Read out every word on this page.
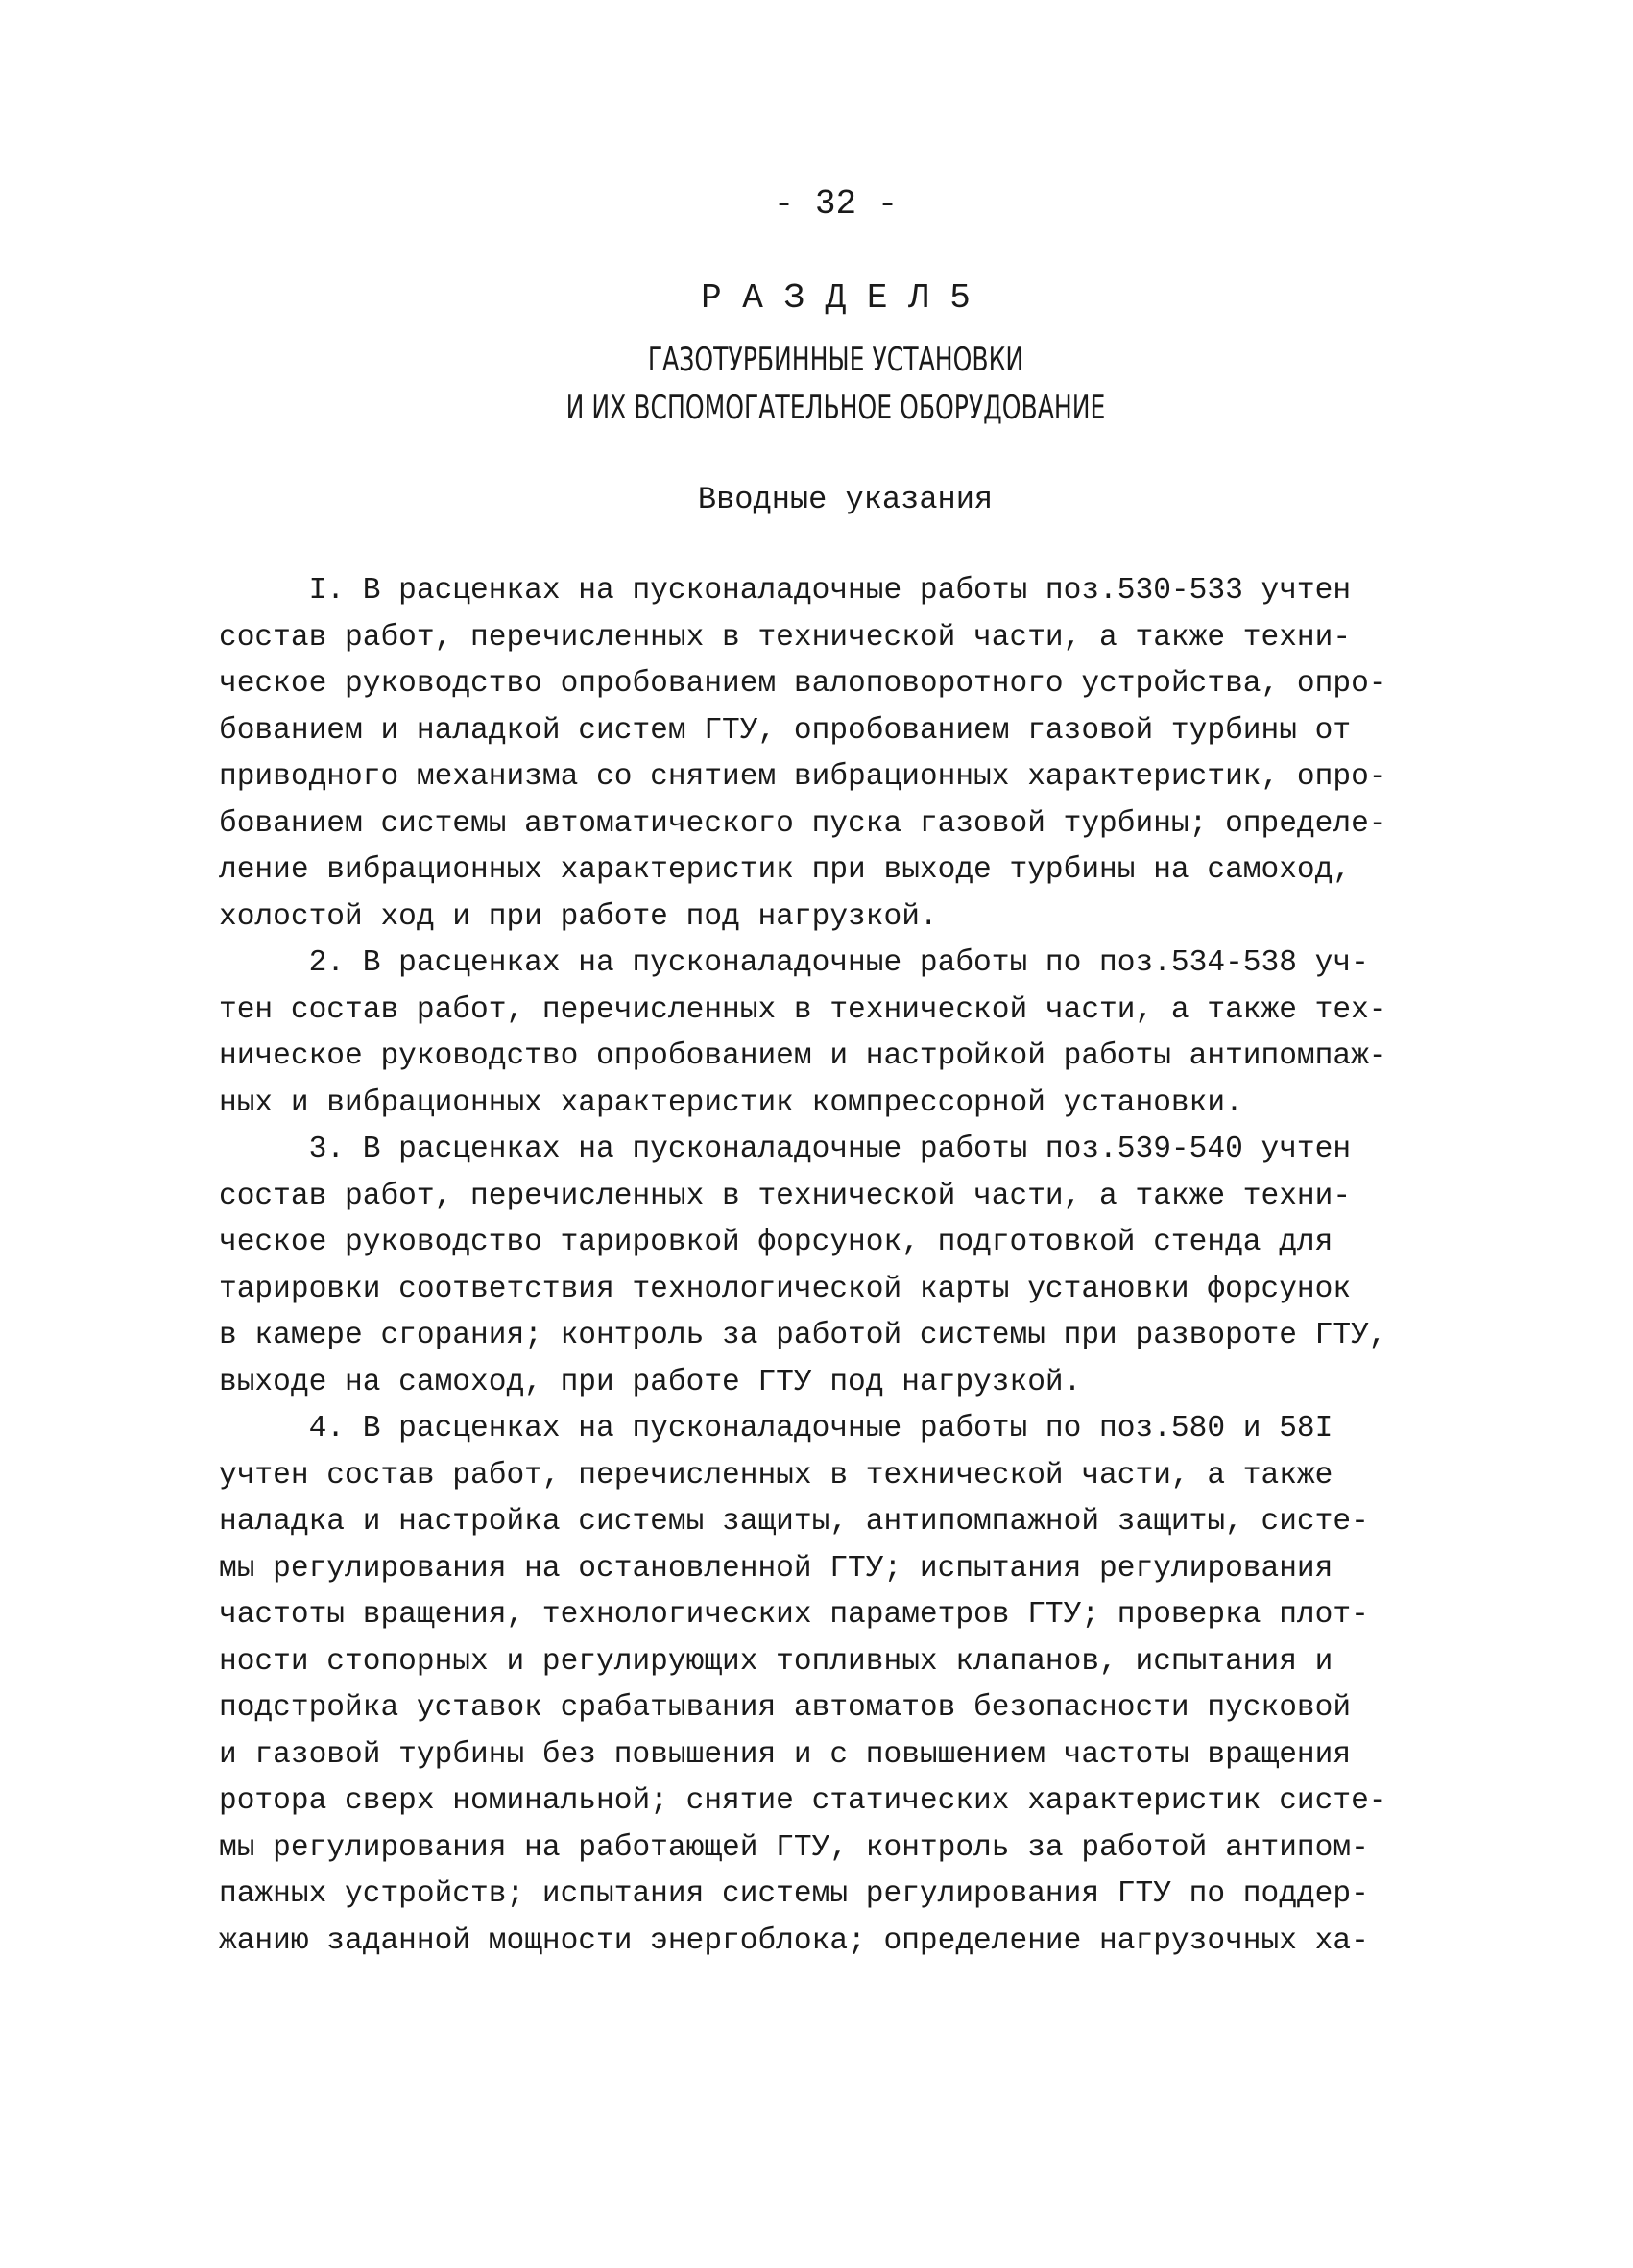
- 32 -
Р А З Д Е Л 5
ГАЗОТУРБИННЫЕ УСТАНОВКИ
И ИХ ВСПОМОГАТЕЛЬНОЕ ОБОРУДОВАНИЕ
Вводные указания
I. В расценках на пусконаладочные работы поз.530-533 учтен
состав работ, перечисленных в технической части, а также техни-
ческое руководство опробованием валоповоротного устройства, опро-
бованием и наладкой систем ГТУ, опробованием газовой турбины от
приводного механизма со снятием вибрационных характеристик, опро-
бованием системы автоматического пуска газовой турбины; определе-
ление вибрационных характеристик при выходе турбины на самоход,
холостой ход и при работе под нагрузкой.
2. В расценках на пусконаладочные работы по поз.534-538 уч-
тен состав работ, перечисленных в технической части, а также тех-
ническое руководство опробованием и настройкой работы антипомпаж-
ных и вибрационных характеристик компрессорной установки.
3. В расценках на пусконаладочные работы поз.539-540 учтен
состав работ, перечисленных в технической части, а также техни-
ческое руководство тарировкой форсунок, подготовкой стенда для
тарировки соответствия технологической карты установки форсунок
в камере сгорания; контроль за работой системы при развороте ГТУ,
выходе на самоход, при работе ГТУ под нагрузкой.
4. В расценках на пусконаладочные работы по поз.580 и 58I
учтен состав работ, перечисленных в технической части, а также
наладка и настройка системы защиты, антипомпажной защиты, систе-
мы регулирования на остановленной ГТУ; испытания регулирования
частоты вращения, технологических параметров ГТУ; проверка плот-
ности стопорных и регулирующих топливных клапанов, испытания и
подстройка уставок срабатывания автоматов безопасности пусковой
и газовой турбины без повышения и с повышением частоты вращения
ротора сверх номинальной; снятие статических характеристик систе-
мы регулирования на работающей ГТУ, контроль за работой антипом-
пажных устройств; испытания системы регулирования ГТУ по поддер-
жанию заданной мощности энергоблока; определение нагрузочных ха-
